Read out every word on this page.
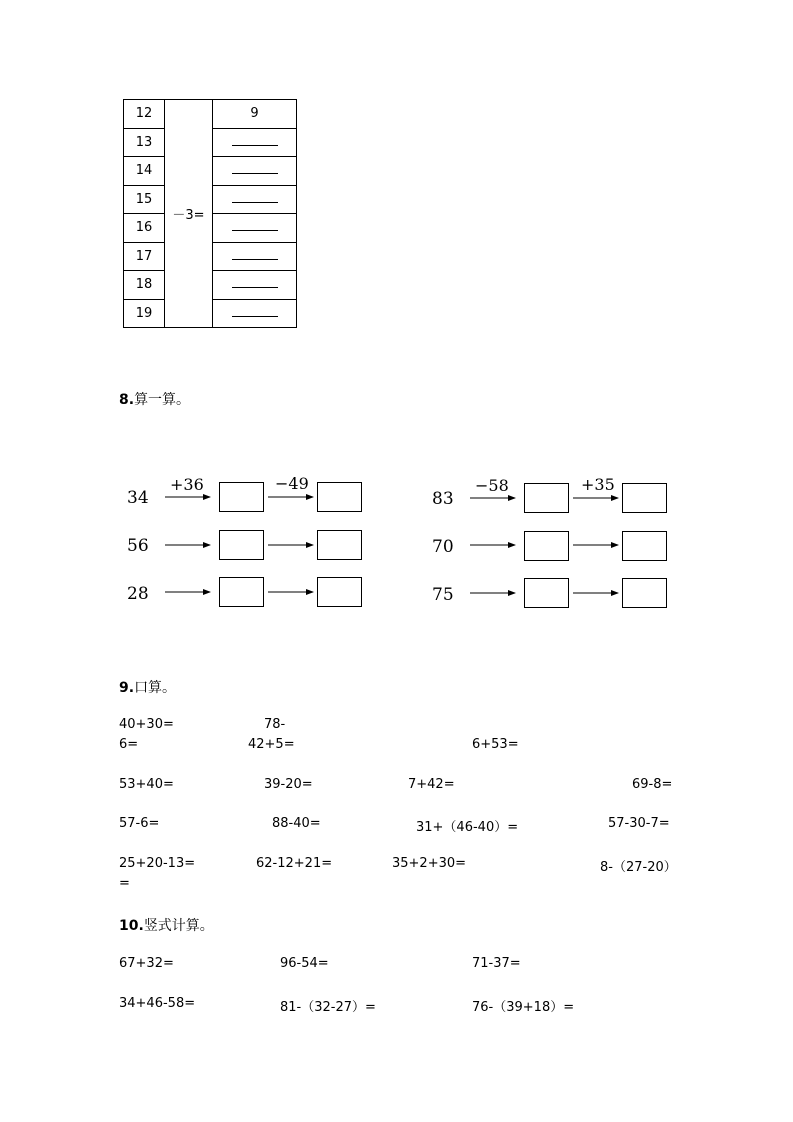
12	－3=	9
13		
14		
15		
16		
17		
18		
19		
8.算一算。
+36	−49
34
56
28
−58	+35
83
70
75
9.口算。
40+30=	78-
6=	42+5=	6+53=
53+40=	39-20=	7+42=	69-8=
57-6=	88-40=	31+（46-40）=	57-30-7=
25+20-13=	62-12+21=	35+2+30=	8-（27-20）
=
10.竖式计算。
67+32=	96-54=	71-37=
34+46-58=	81-（32-27）=	76-（39+18）=
